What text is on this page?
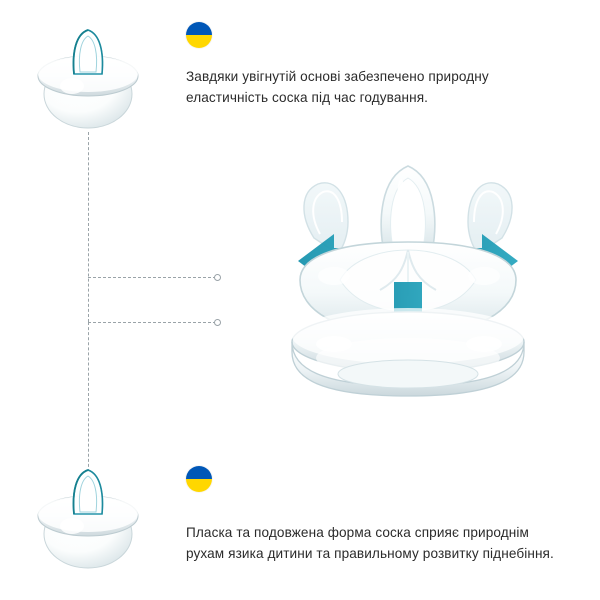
Завдяки увігнутій основі забезпечено природну
еластичність соска під час годування.
Пласка та подовжена форма соска сприяє природнім
рухам язика дитини та правильному розвитку піднебіння.
